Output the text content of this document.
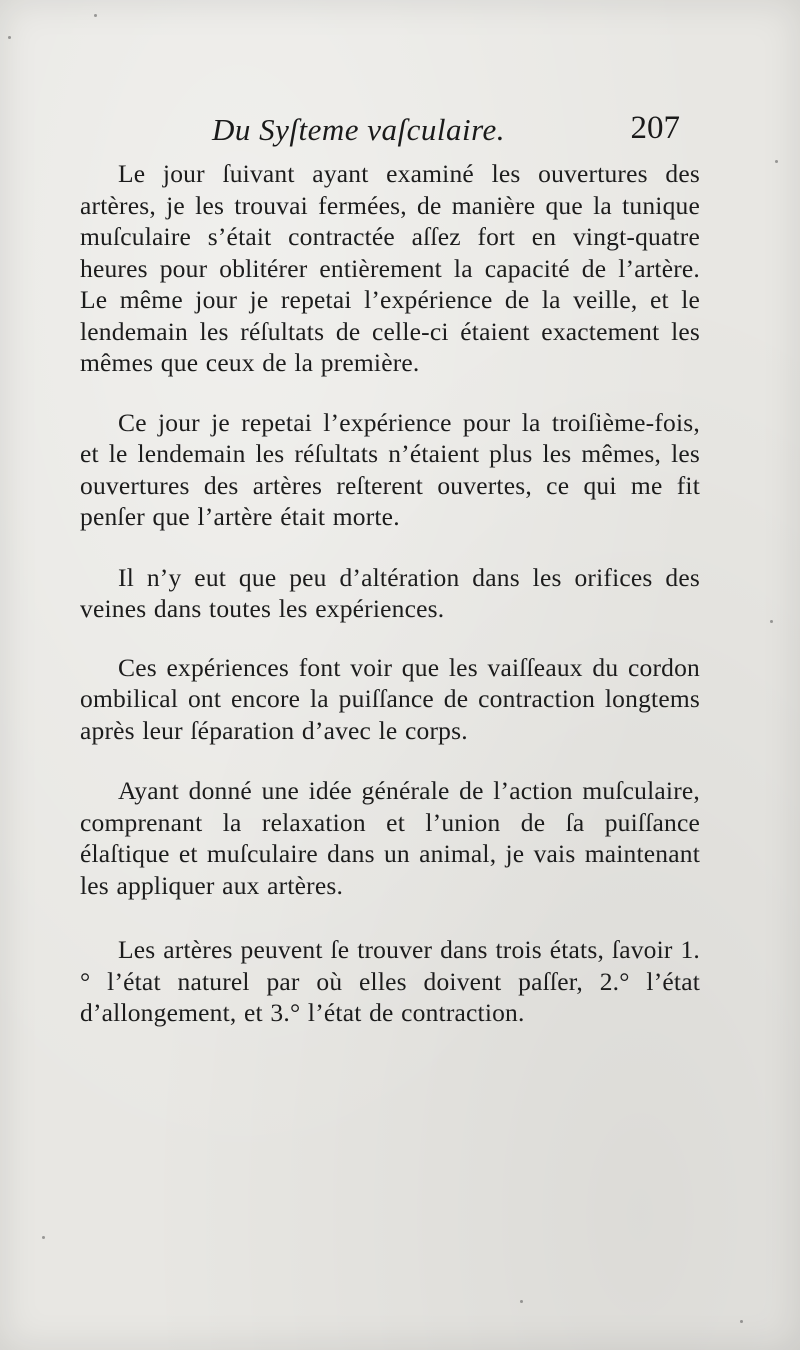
Du Syſteme vaſculaire.	207

Le jour ſuivant ayant examiné les ouvertures des artères, je les trouvai fermées, de manière que la tunique muſculaire s’était contractée aſſez fort en vingt-quatre heures pour oblitérer entièrement la capacité de l’artère. Le même jour je repetai l’expérience de la veille, et le lendemain les réſultats de celle-ci étaient exactement les mêmes que ceux de la première.

Ce jour je repetai l’expérience pour la troiſième-fois, et le lendemain les réſultats n’étaient plus les mêmes, les ouvertures des artères reſterent ouvertes, ce qui me fit penſer que l’artère était morte.

Il n’y eut que peu d’altération dans les orifices des veines dans toutes les expériences.

Ces expériences font voir que les vaiſſeaux du cordon ombilical ont encore la puiſſance de contraction longtems après leur ſéparation d’avec le corps.

Ayant donné une idée générale de l’action muſculaire, comprenant la relaxation et l’union de ſa puiſſance élaſtique et muſculaire dans un animal, je vais maintenant les appliquer aux artères.

Les artères peuvent ſe trouver dans trois états, ſavoir 1.° l’état naturel par où elles doivent paſſer, 2.° l’état d’allongement, et 3.° l’état de contraction.
